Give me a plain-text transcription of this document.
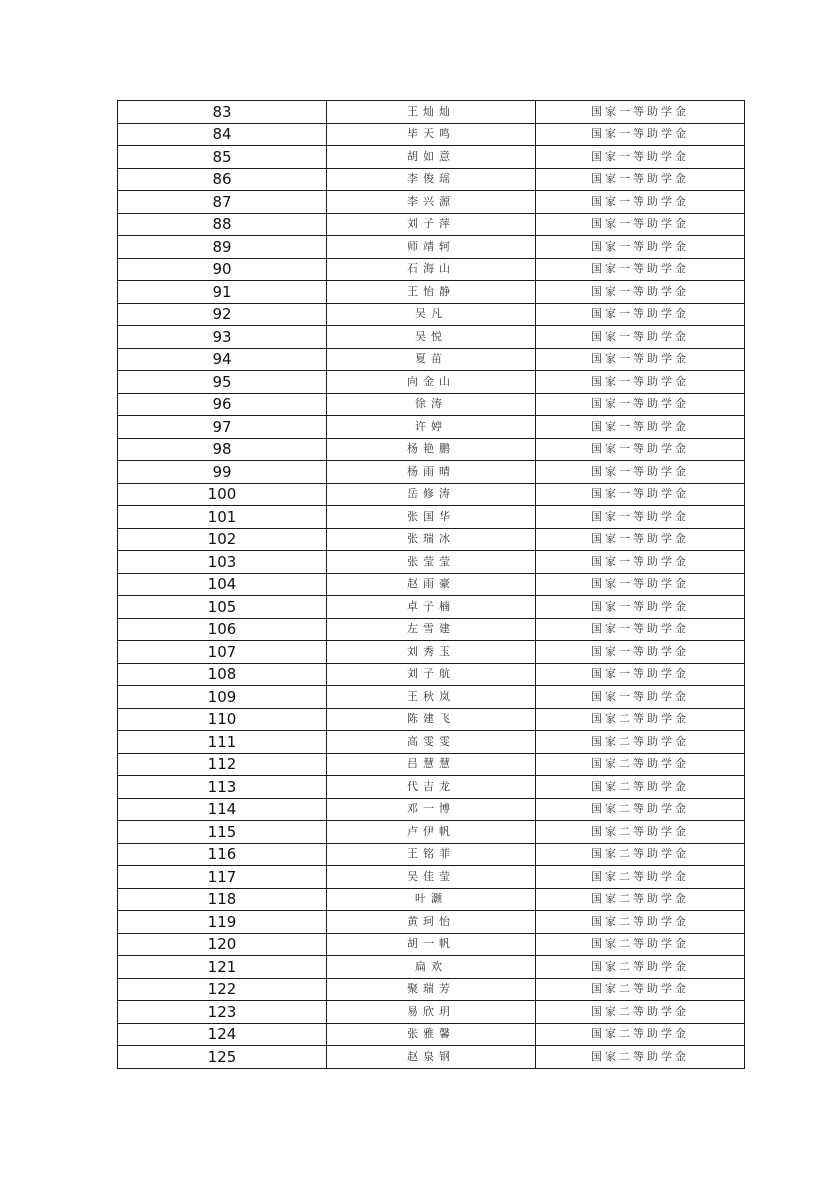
83	王灿灿	国家一等助学金
84	毕天鸣	国家一等助学金
85	胡如意	国家一等助学金
86	李俊瑶	国家一等助学金
87	李兴源	国家一等助学金
88	刘子萍	国家一等助学金
89	师靖轲	国家一等助学金
90	石海山	国家一等助学金
91	王怡静	国家一等助学金
92	吴凡	国家一等助学金
93	吴悦	国家一等助学金
94	夏苗	国家一等助学金
95	向金山	国家一等助学金
96	徐涛	国家一等助学金
97	许婷	国家一等助学金
98	杨艳鹏	国家一等助学金
99	杨雨晴	国家一等助学金
100	岳修涛	国家一等助学金
101	张国华	国家一等助学金
102	张瑞冰	国家一等助学金
103	张莹莹	国家一等助学金
104	赵雨豪	国家一等助学金
105	卓子楠	国家一等助学金
106	左雪建	国家一等助学金
107	刘秀玉	国家一等助学金
108	刘子航	国家一等助学金
109	王秋岚	国家一等助学金
110	陈建飞	国家二等助学金
111	高雯雯	国家二等助学金
112	吕慧慧	国家二等助学金
113	代吉龙	国家二等助学金
114	邓一博	国家二等助学金
115	卢伊帆	国家二等助学金
116	王铭菲	国家二等助学金
117	吴佳莹	国家二等助学金
118	叶灏	国家二等助学金
119	黄珂怡	国家二等助学金
120	胡一帆	国家二等助学金
121	扁欢	国家二等助学金
122	聚瑞芳	国家二等助学金
123	易欣玥	国家二等助学金
124	张雅馨	国家二等助学金
125	赵泉钢	国家二等助学金
